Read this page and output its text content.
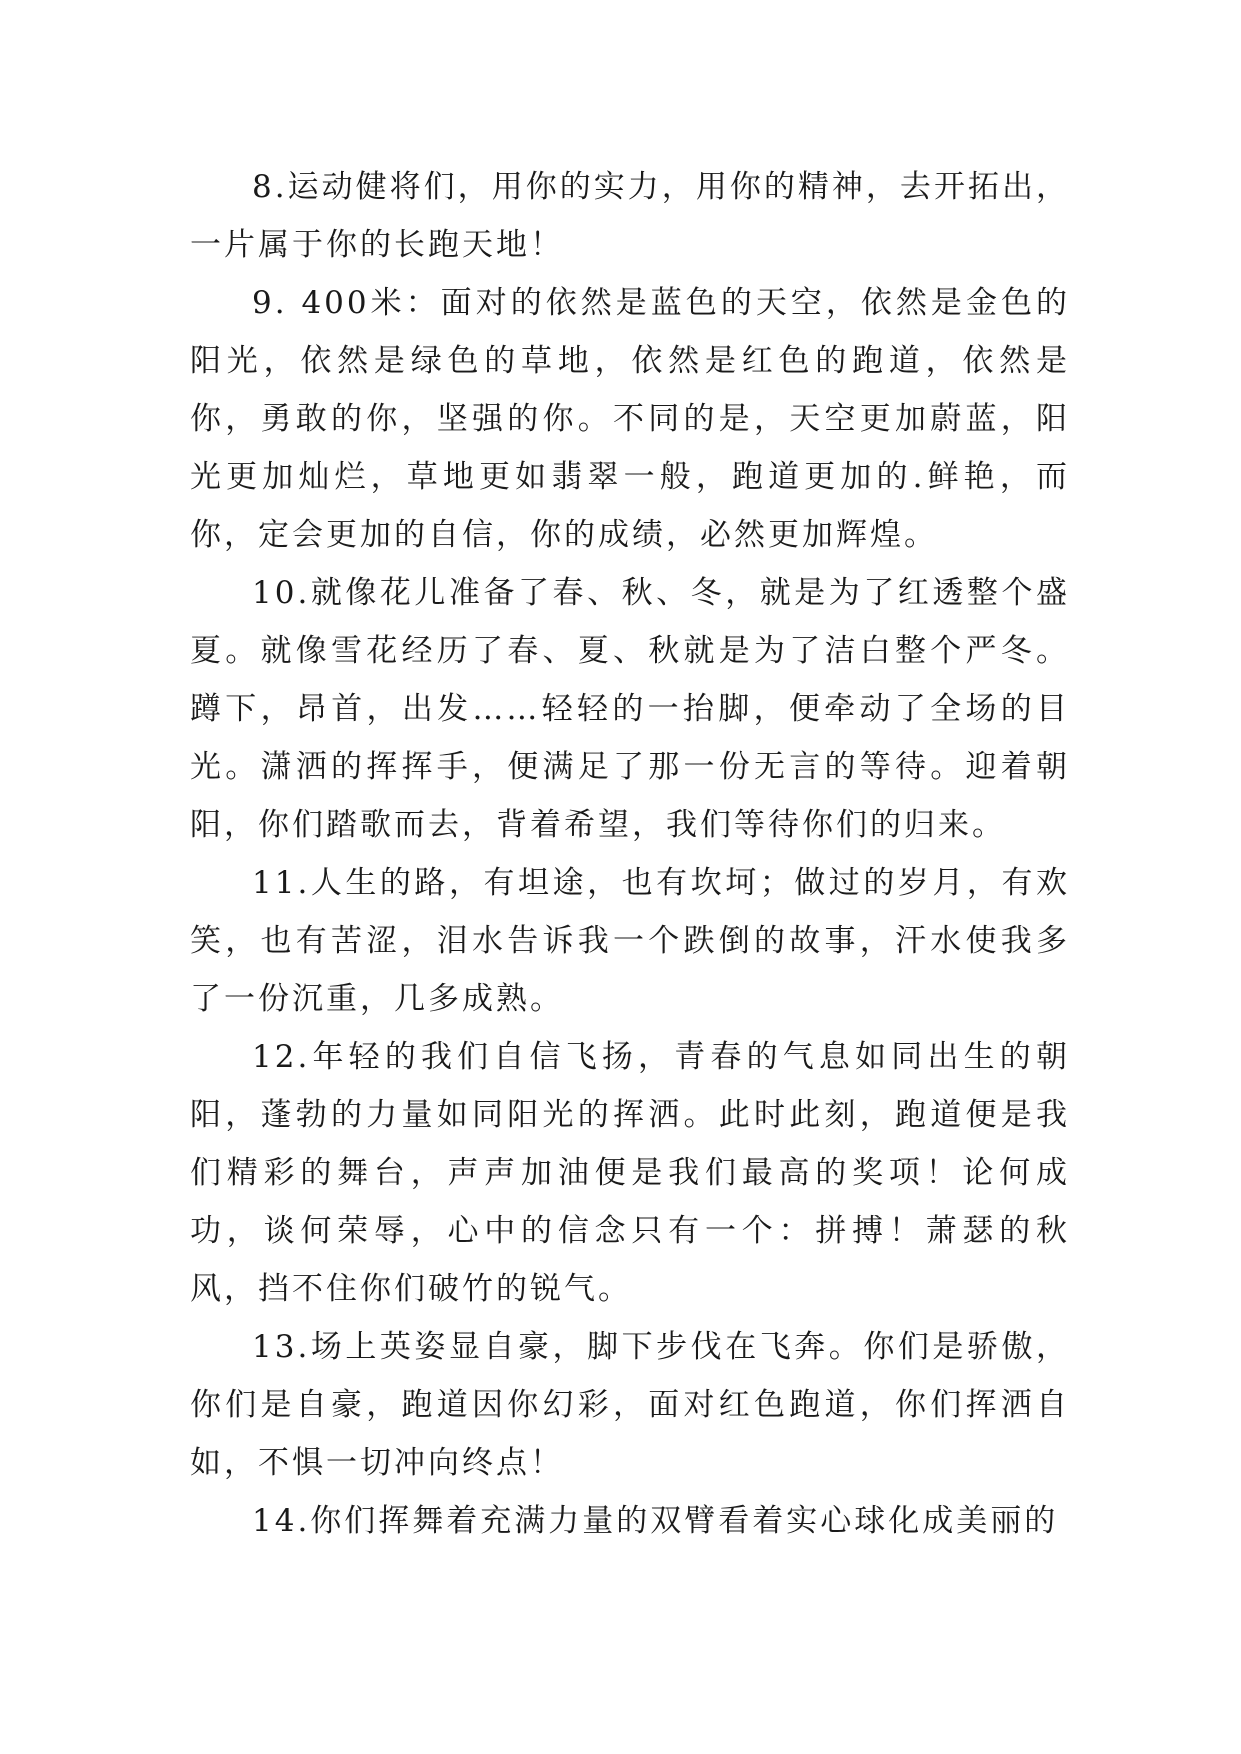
8.运动健将们，用你的实力，用你的精神，去开拓出，一片属于你的长跑天地！

9. 400米：面对的依然是蓝色的天空，依然是金色的阳光，依然是绿色的草地，依然是红色的跑道，依然是你，勇敢的你，坚强的你。不同的是，天空更加蔚蓝，阳光更加灿烂，草地更如翡翠一般，跑道更加的.鲜艳，而你，定会更加的自信，你的成绩，必然更加辉煌。

10.就像花儿准备了春、秋、冬，就是为了红透整个盛夏。就像雪花经历了春、夏、秋就是为了洁白整个严冬。蹲下，昂首，出发……轻轻的一抬脚，便牵动了全场的目光。潇洒的挥挥手，便满足了那一份无言的等待。迎着朝阳，你们踏歌而去，背着希望，我们等待你们的归来。

11.人生的路，有坦途，也有坎坷；做过的岁月，有欢笑，也有苦涩，泪水告诉我一个跌倒的故事，汗水使我多了一份沉重，几多成熟。

12.年轻的我们自信飞扬，青春的气息如同出生的朝阳，蓬勃的力量如同阳光的挥洒。此时此刻，跑道便是我们精彩的舞台，声声加油便是我们最高的奖项！论何成功，谈何荣辱，心中的信念只有一个：拼搏！萧瑟的秋风，挡不住你们破竹的锐气。

13.场上英姿显自豪，脚下步伐在飞奔。你们是骄傲，你们是自豪，跑道因你幻彩，面对红色跑道，你们挥洒自如，不惧一切冲向终点！

14.你们挥舞着充满力量的双臂看着实心球化成美丽的
